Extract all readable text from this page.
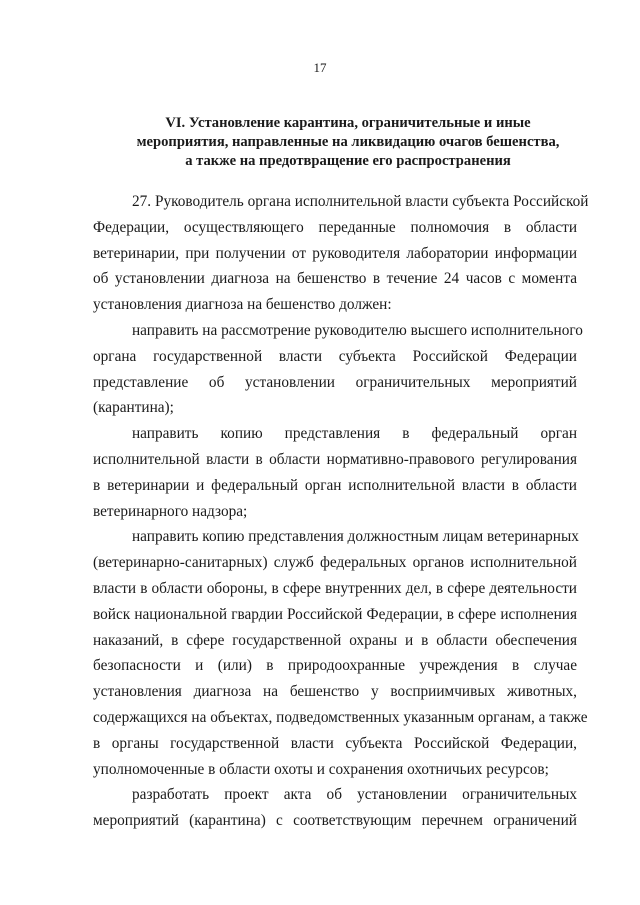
17
VI. Установление карантина, ограничительные и иные
мероприятия, направленные на ликвидацию очагов бешенства,
а также на предотвращение его распространения
27. Руководитель органа исполнительной власти субъекта Российской
Федерации, осуществляющего переданные полномочия в области
ветеринарии, при получении от руководителя лаборатории информации
об установлении диагноза на бешенство в течение 24 часов с момента
установления диагноза на бешенство должен:
направить на рассмотрение руководителю высшего исполнительного
органа государственной власти субъекта Российской Федерации
представление об установлении ограничительных мероприятий
(карантина);
направить копию представления в федеральный орган
исполнительной власти в области нормативно-правового регулирования
в ветеринарии и федеральный орган исполнительной власти в области
ветеринарного надзора;
направить копию представления должностным лицам ветеринарных
(ветеринарно-санитарных) служб федеральных органов исполнительной
власти в области обороны, в сфере внутренних дел, в сфере деятельности
войск национальной гвардии Российской Федерации, в сфере исполнения
наказаний, в сфере государственной охраны и в области обеспечения
безопасности и (или) в природоохранные учреждения в случае
установления диагноза на бешенство у восприимчивых животных,
содержащихся на объектах, подведомственных указанным органам, а также
в органы государственной власти субъекта Российской Федерации,
уполномоченные в области охоты и сохранения охотничьих ресурсов;
разработать проект акта об установлении ограничительных
мероприятий (карантина) с соответствующим перечнем ограничений
